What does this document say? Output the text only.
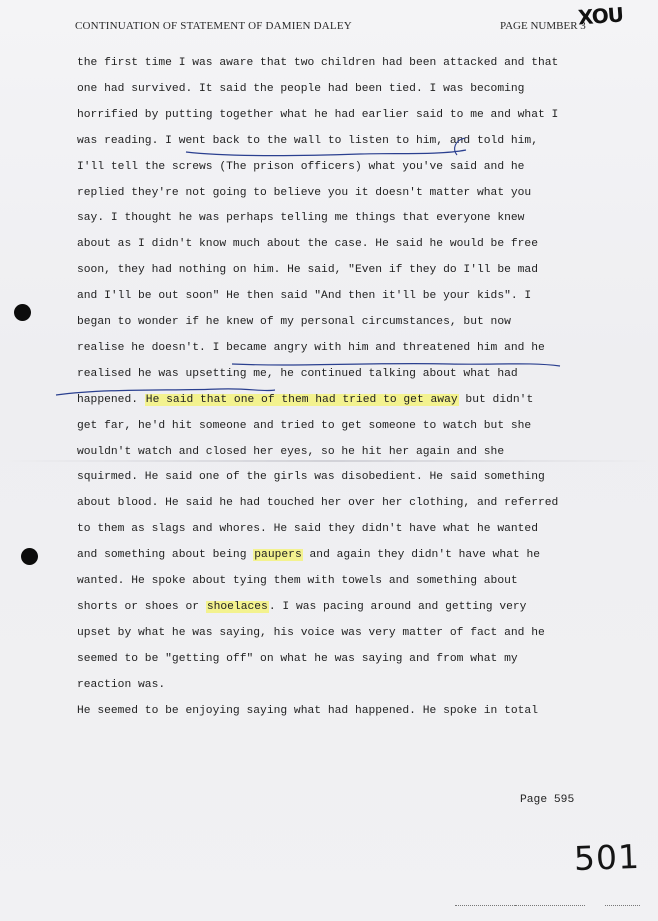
CONTINUATION OF STATEMENT OF DAMIEN DALEY	PAGE NUMBER 3
XOU
the first time I was aware that two children had been attacked and that
one had survived. It said the people had been tied. I was becoming
horrified by putting together what he had earlier said to me and what I
was reading. I went back to the wall to listen to him, and told him,
I'll tell the screws (The prison officers) what you've said and he
replied they're not going to believe you it doesn't matter what you
say. I thought he was perhaps telling me things that everyone knew
about as I didn't know much about the case. He said he would be free
soon, they had nothing on him. He said, "Even if they do I'll be mad
and I'll be out soon" He then said "And then it'll be your kids". I
began to wonder if he knew of my personal circumstances, but now
realise he doesn't. I became angry with him and threatened him and he
realised he was upsetting me, he continued talking about what had
happened. He said that one of them had tried to get away but didn't
get far, he'd hit someone and tried to get someone to watch but she
wouldn't watch and closed her eyes, so he hit her again and she
squirmed. He said one of the girls was disobedient. He said something
about blood. He said he had touched her over her clothing, and referred
to them as slags and whores. He said they didn't have what he wanted
and something about being paupers and again they didn't have what he
wanted. He spoke about tying them with towels and something about
shorts or shoes or shoelaces. I was pacing around and getting very
upset by what he was saying, his voice was very matter of fact and he
seemed to be "getting off" on what he was saying and from what my
reaction was.
He seemed to be enjoying saying what had happened. He spoke in total
Page 595
501
